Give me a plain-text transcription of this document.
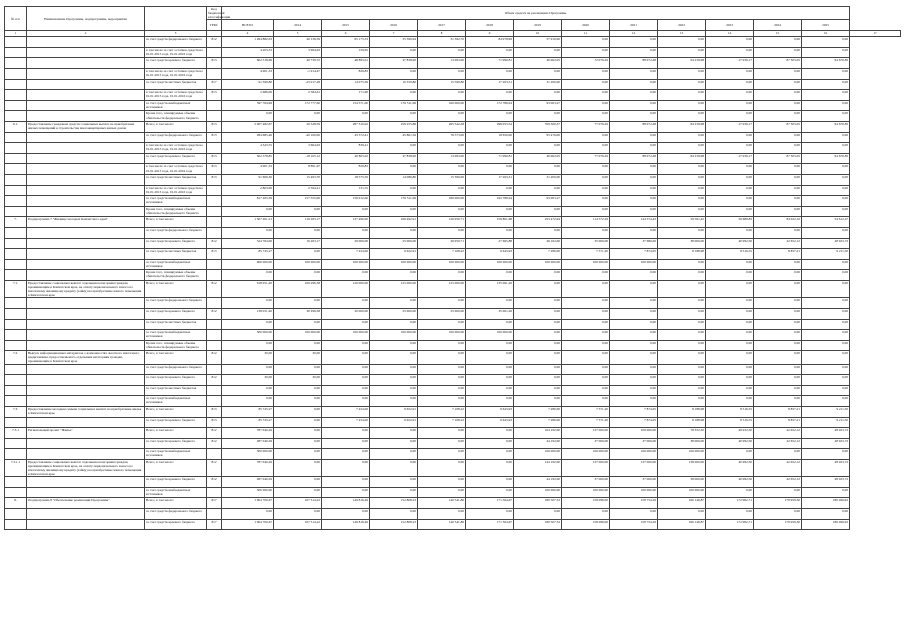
№ п/п	Наименование Программы, подпрограммы, мероприятия		Код бюджетной классификации	Объем средств на реализацию Программы													
			ГРБС	ВСЕГО	2014	2015	2016	2017	2018	2019	2020	2021	2022	2023	2024	2025	
1	2	3		4	5	6	7	8	9	10	11	12	13	14	15	16	17
		за счет средств федерального бюджета	812	1 264 882,03	40 136,59	65 175,33	35 390,94	31 392,70	84 978,99	57 910,00	0,00	0,00	0,00	0,00	0,00	0,00	
		в том числе за счет остатков средств на 01.01.2015 года, 01.01.2016 года		4 203,33	3 964,63	159,65	0,00	0,00	0,00	0,00	0,00	0,00	0,00	0,00	0,00	0,00	
		за счет средств краевого бюджета	813	602 518,69	40 739,72	48 895,01	47 838,00	13 093,00	71 990,81	46 962,05	72 076,29	88 972,48	94 239,98	27 930,17	87 305,05	94 676,85	
		в том числе за счет остатков средств на 01.01.2015 года, 01.01.2016 года		4 901,33	-1 914,47	829,83	0,00	0,00	0,00	0,00	0,00	0,00	0,00	0,00	0,00	0,00	
		за счет средств местных бюджетов	817	91 590,80	-25 917,28	14 075,56	10 350,80	15 590,80	17 263,31	31 200,00	0,00	0,00	0,00	0,00	0,00	0,00	
		в том числе за счет остатков средств на 01.01.2015 года, 01.01.2016 года	813	2 686,06	2 584,61	171,90	0,00	0,00	0,00	0,00	0,00	0,00	0,00	0,00	0,00	0,00	
		за счет средств внебюджетных источников		597 764,99	172 777,00	154 571,00	176 511,99	160 000,00	172 786,04	93 003,27	0,00	0,00	0,00	0,00	0,00	0,00	
		Кроме того, планируемые объемы обязательств федерального бюджета		0,00	0,00	0,00	0,00	0,00	0,00	0,00	0,00	0,00	0,00	0,00	0,00	0,00	
6.1.	Предоставление гражданам средств социальных выплат на приобретение жилых помещений в строительстве многоквартирных жилых домов	Всего, в том числе:	813	2 007 482,67	20 528,59	287 310,02	259 255,86	265 542,28	298 053,54	359 309,37	77 076,29	88 972,48	84 239,98	27 930,17	87 305,05	94 676,85	
		за счет средств федерального бюджета	813	284 685,46	-40 100,00	43 372,41	45 861,56	76 573,00	18 650,00	95 476,00	0,00	0,00	0,00	0,00	0,00	0,00	
		в том числе за счет остатков средств на 01.01.2015 года, 01.01.2016 года		4 343,55	3 664,63	839,41	0,00	0,00	0,00	0,00	0,00	0,00	0,00	0,00	0,00	0,00	
		за счет средств краевого бюджета	813	502 578,85	-18 105,12	40 805,02	47 838,00	13 093,00	71 990,81	46 962,05	77 076,29	88 972,48	84 239,98	27 930,17	87 305,05	94 676,85	
		в том числе за счет остатков средств на 01.01.2015 года, 01.01.2016 года	813	4 901,33	8 891,67	829,83	0,00	0,00	0,00	0,00	0,00	0,00	0,00	0,00	0,00	0,00	
		за счет средств местных бюджетов	813	91 606,30	15 493,70	18 575,50	14 086,80	15 390,00	17 263,31	31 200,00	0,00	0,00	0,00	0,00	0,00	0,00	
		в том числе за счет остатков средств на 01.01.2015 года, 01.01.2016 года		2 803,06	2 594,21	131,55	0,00	0,00	0,00	0,00	0,00	0,00	0,00	0,00	0,00	0,00	
		за счет средств внебюджетных источников		817 263,39	157 555,00	156 912,00	176 511,99	180 000,00	192 786,04	93 003,27	0,00	0,00	0,00	0,00	0,00	0,00	
		Кроме того, планируемые объемы обязательств федерального бюджета		0,00	0,00	0,00	0,00	0,00	0,00	0,00	0,00	0,00	0,00	0,00	0,00	0,00	
7.	Подпрограмма 7 "Жилище молодых Камчатского края"	Всего, в том числе:		1 307 201,21	116 263,17	137 490,00	169 492,91	126 950,71	159 801,68	253 472,94	114 572,29	144 574,43	59 591,42	56 689,83	84 022,10	54 612,47	
		за счет средств федерального бюджета		0,00	0,00	0,00	0,00	0,00	0,00	0,00	0,00	0,00	0,00	0,00	0,00	0,00	
		за счет средств краевого бюджета	812	324 764,00	16 263,17	29 000,00	25 000,00	26 950,71	27 665,88	46 162,00	35 000,00	37 680,00	38 000,00	40 992,50	42 652,12	48 923,72	
		за счет средств местных бюджетов	813	85 745,27	0,00	7 454,00	6 652,91	7 108,22	6 643,93	7 280,00	7 571,20	7 874,05	8 188,98	8 516,55	8 857,21	9 211,50	
		за счет средств внебюджетных источников		900 000,00	100 000,00	100 000,00	100 000,00	100 000,00	100 000,00	100 000,00	100 000,00	100 000,00	0,00	0,00	0,00	0,00	
		Кроме того, планируемые объемы обязательств федерального бюджета		0,00	0,00	0,00	0,00	0,00	0,00	0,00	0,00	0,00	0,00	0,00	0,00	0,00	
7.1.	Предоставление социальных выплат отдельным категориям граждан, проживающим в Камчатском крае, на оплату первоначального взноса по ипотечному жилищному кредиту (займу) на приобретение жилого помещения в Камчатском крае	Всего, в том числе:	812	618 051,40	109 296,38	120 000,00	125 000,00	125 000,00	135 061,26	0,00	0,00	0,00	0,00	0,00	0,00	0,00	
		за счет средств федерального бюджета		0,00	0,00	0,00	0,00	0,00	0,00	0,00	0,00	0,00	0,00	0,00	0,00	0,00	
		за счет средств краевого бюджета	812	138 051,40	30 296,38	20 000,00	25 000,00	25 000,00	35 061,26	0,00	0,00	0,00	0,00	0,00	0,00	0,00	
		за счет средств местных бюджетов		0,00	0,00	0,00	0,00	0,00	0,00	0,00	0,00	0,00	0,00	0,00	0,00	0,00	
		за счет средств внебюджетных источников		500 000,00	100 000,00	100 000,00	100 000,00	100 000,00	100 000,00	0,00	0,00	0,00	0,00	0,00	0,00	0,00	
		Кроме того, планируемые объемы обязательств федерального бюджета		0,00	0,00	0,00	0,00	0,00	0,00	0,00	0,00	0,00	0,00	0,00	0,00	0,00	
7.2.	Выпуск информационных материалов о возможностях льготного ипотечного кредитования, предоставляемого отдельным категориям граждан, проживающим в Камчатском крае	Всего, в том числе:	812	30,00	30,00	0,00	0,00	0,00	0,00	0,00	0,00	0,00	0,00	0,00	0,00	0,00	
		за счет средств федерального бюджета		0,00	0,00	0,00	0,00	0,00	0,00	0,00	0,00	0,00	0,00	0,00	0,00	0,00	
		за счет средств краевого бюджета	812	30,00	30,00	0,00	0,00	0,00	0,00	0,00	0,00	0,00	0,00	0,00	0,00	0,00	
		за счет средств местных бюджетов		0,00	0,00	0,00	0,00	0,00	0,00	0,00	0,00	0,00	0,00	0,00	0,00	0,00	
		за счет средств внебюджетных источников		0,00	0,00	0,00	0,00	0,00	0,00	0,00	0,00	0,00	0,00	0,00	0,00	0,00	
7.3.	Предоставление молодым семьям социальных выплат на приобретение жилья в Камчатском крае	Всего, в том числе:	813	85 745,27	0,00	7 454,00	6 652,91	7 108,22	6 643,93	7 280,00	7 571,20	7 874,05	8 188,98	8 516,55	8 857,21	9 211,50	
		за счет средств краевого бюджета	813	85 745,27	0,00	7 454,00	6 652,91	7 108,22	6 643,93	7 280,00	7 571,20	7 874,05	8 188,98	8 516,55	8 857,21	9 211,50	
7.3.1	Региональный проект "Жилье"	Всего, в том числе:	812	787 040,29	0,00	0,00	0,00	0,00	0,00	104 192,00	137 000,00	109 000,00	78 352,50	49 932,50	42 652,12	48 923,72	
		за счет средств краевого бюджета	812	287 040,29	0,00	0,00	0,00	0,00	0,00	44 192,00	37 000,00	37 000,00	38 000,00	40 992,50	42 652,12	48 923,72	
		за счет средств внебюджетных источников		500 000,00	0,00	0,00	0,00	0,00	0,00	100 000,00	100 000,00	100 000,00	100 000,00	0,00	0,00	0,00	
7.3.1.1	Предоставление социальных выплат отдельным категориям граждан, проживающим в Камчатском крае, на оплату первоначального взноса по ипотечному жилищному кредиту (займу) на приобретение жилого помещения в Камчатском крае	Всего, в том числе:	812	787 040,29	0,00	0,00	0,00	0,00	0,00	144 192,00	137 000,00	137 000,00	138 000,00	40 992,50	42 652,12	48 923,72	
		за счет средств краевого бюджета	812	287 040,29	0,00	0,00	0,00	0,00	0,00	44 192,00	37 000,00	37 000,00	38 000,00	40 992,50	42 652,12	48 923,72	
		за счет средств внебюджетных источников		500 000,00	0,00	0,00	0,00	0,00	0,00	100 000,00	100 000,00	100 000,00	100 000,00	0,00	0,00	0,00	
8.	Подпрограмма 8 "Обеспечение реализации Программы"	Всего, в том числе:	817	1 904 700,67	167 514,22	149 816,49	152 808,23	140 541,86	171 364,67	180 507,33	158 098,00	158 754,29	166 146,87	172 962,71	179 959,30	186 496,92	
		за счет средств федерального бюджета		0,00	0,00	0,00	0,00	0,00	0,00	0,00	0,00	0,00	0,00	0,00	0,00	0,00	
		за счет средств краевого бюджета	817	1 904 700,67	167 514,22	149 816,49	152 808,23	140 541,86	171 364,67	180 507,33	158 098,00	158 754,29	166 146,87	172 962,71	179 959,30	186 496,92	
